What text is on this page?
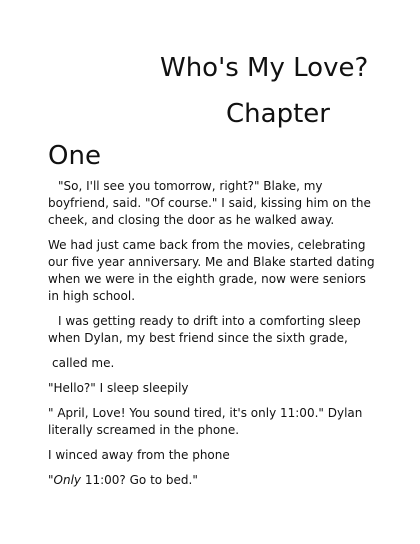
Who's My Love?
Chapter
One

"So, I'll see you tomorrow, right?" Blake, my boyfriend, said. "Of course." I said, kissing him on the cheek, and closing the door as he walked away.

We had just came back from the movies, celebrating our five year anniversary. Me and Blake started dating when we were in the eighth grade, now were seniors in high school.

I was getting ready to drift into a comforting sleep when Dylan, my best friend since the sixth grade,

called me.

"Hello?" I sleep sleepily

" April, Love! You sound tired, it's only 11:00." Dylan literally screamed in the phone.

I winced away from the phone

"Only 11:00? Go to bed."
